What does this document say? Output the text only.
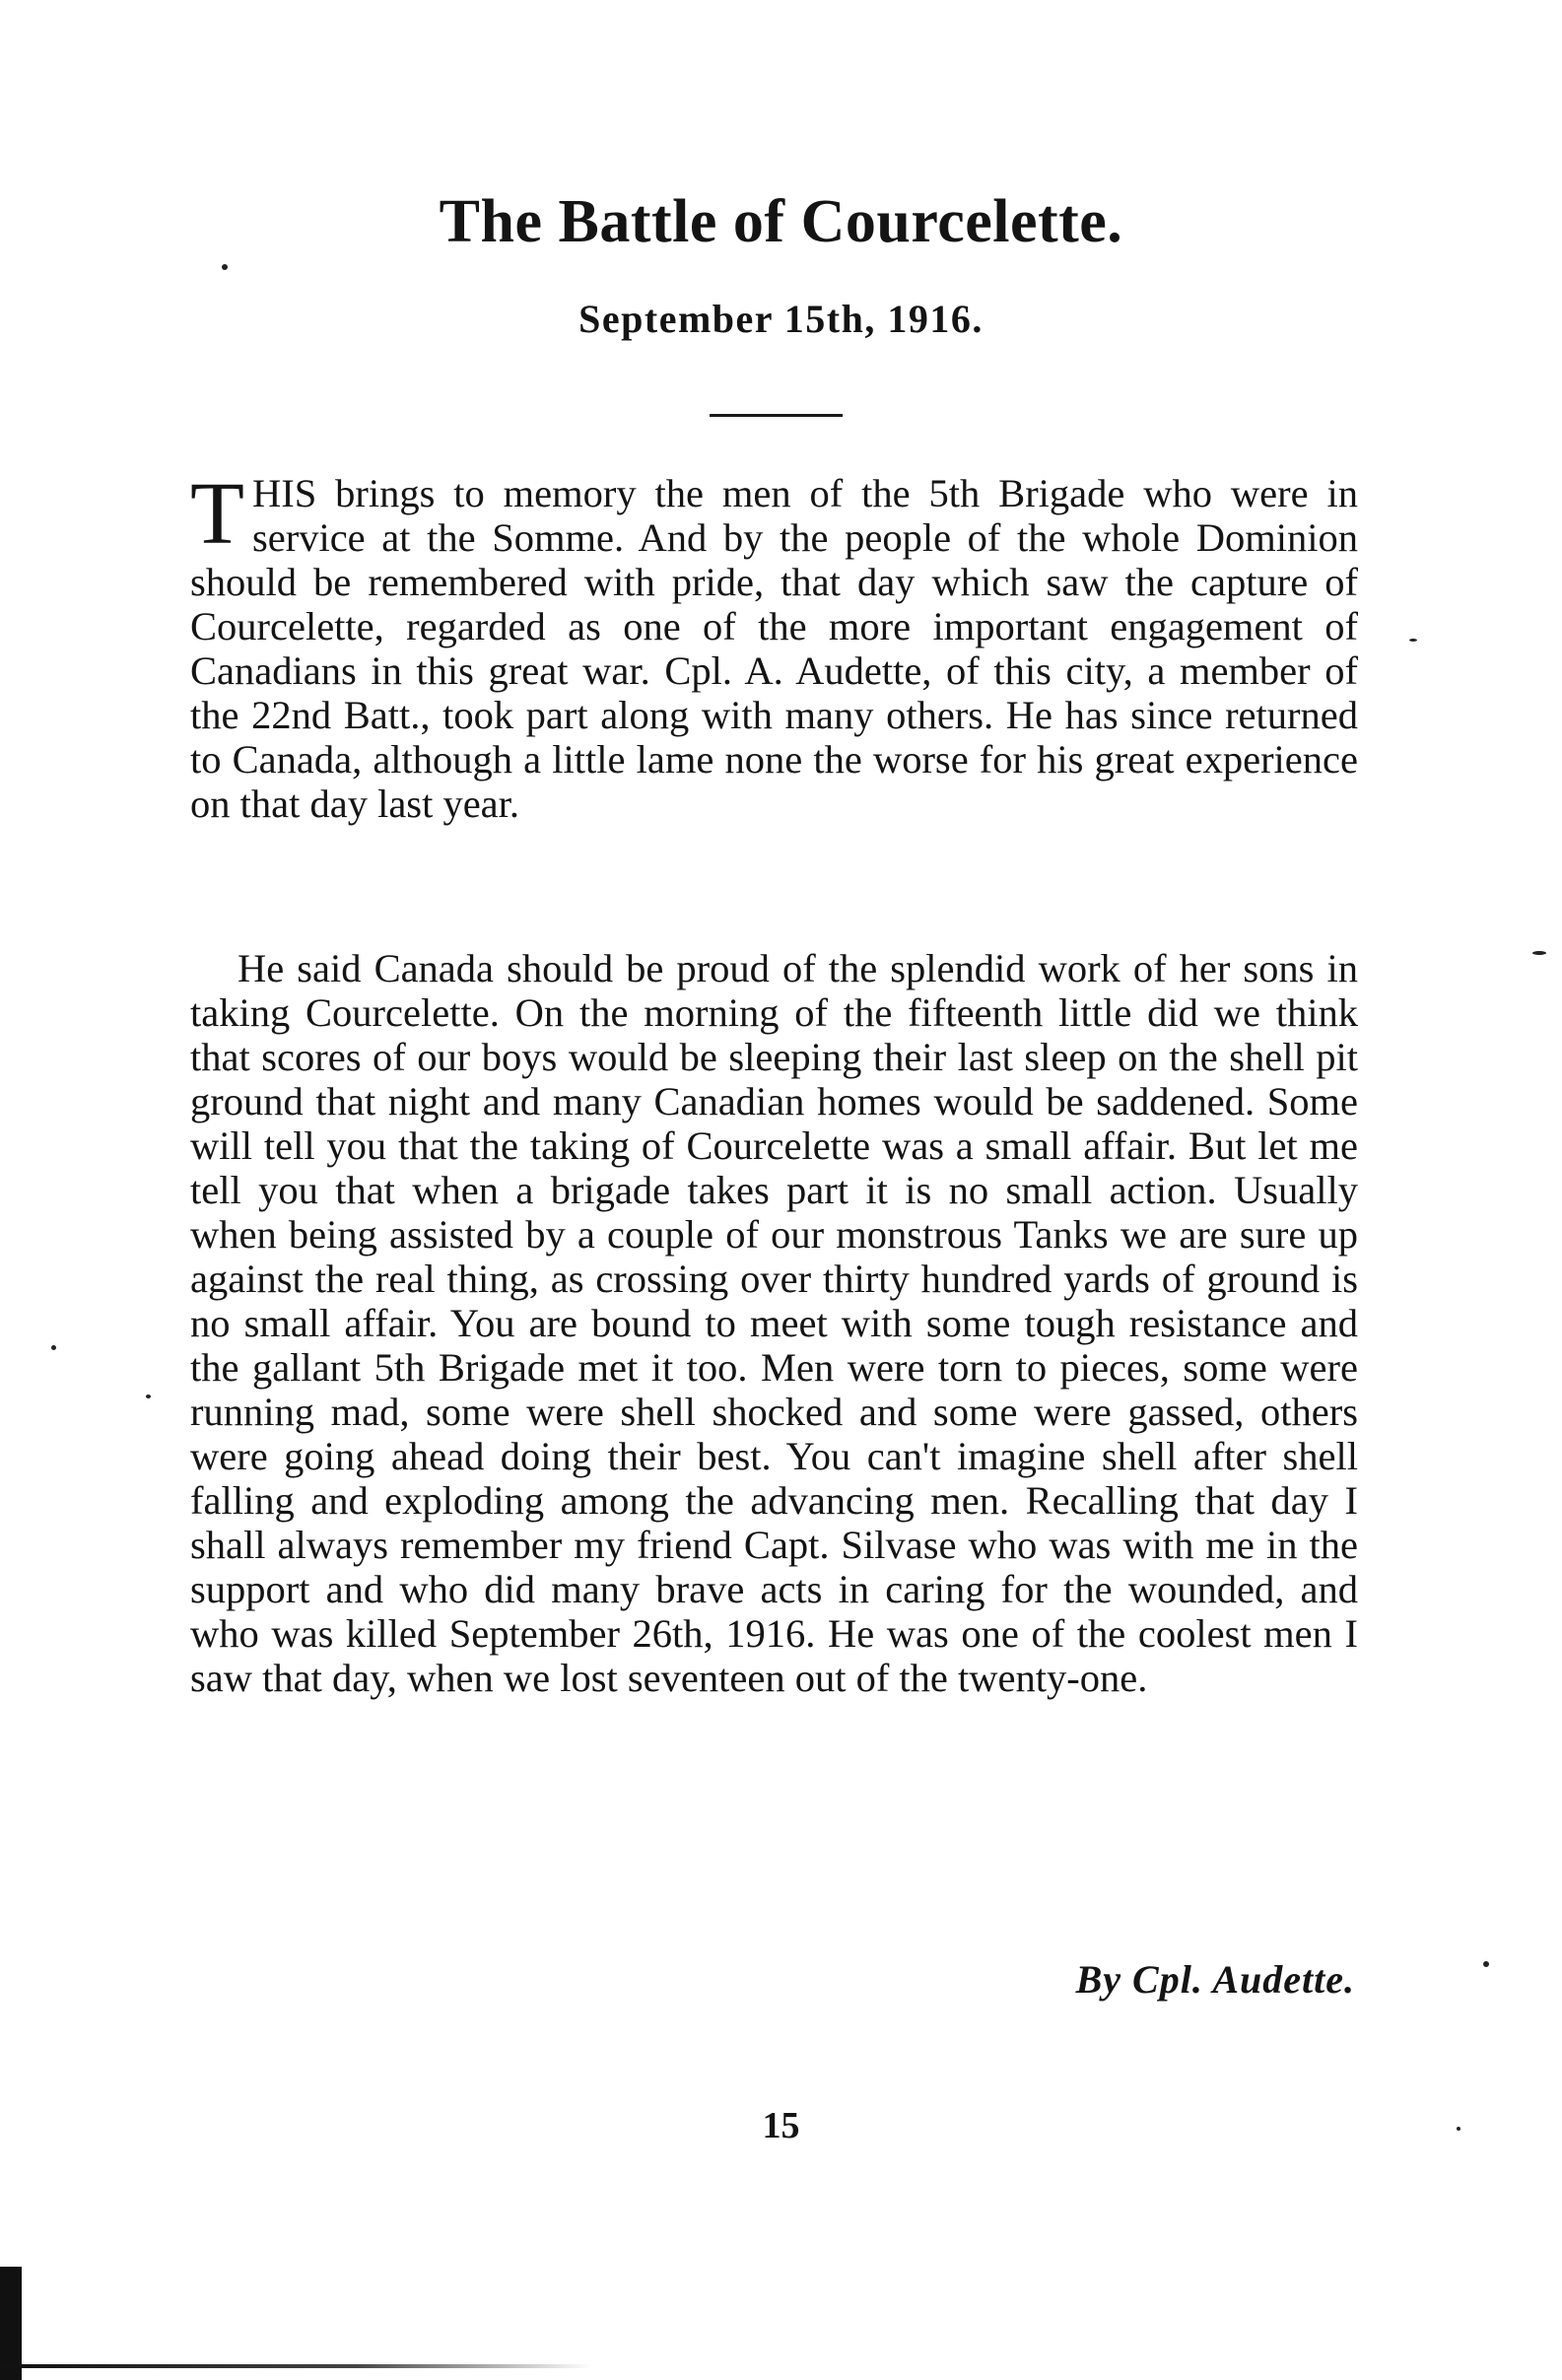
The Battle of Courcelette.
September 15th, 1916.

THIS brings to memory the men of the 5th Brigade who were in service at the Somme. And by the people of the whole Dominion should be remembered with pride, that day which saw the capture of Courcelette, regarded as one of the more important engagement of Canadians in this great war. Cpl. A. Audette, of this city, a member of the 22nd Batt., took part along with many others. He has since returned to Canada, although a little lame none the worse for his great experience on that day last year.

He said Canada should be proud of the splendid work of her sons in taking Courcelette. On the morning of the fifteenth little did we think that scores of our boys would be sleeping their last sleep on the shell pit ground that night and many Canadian homes would be saddened. Some will tell you that the taking of Courcelette was a small affair. But let me tell you that when a brigade takes part it is no small action. Usually when being assisted by a couple of our monstrous Tanks we are sure up against the real thing, as crossing over thirty hundred yards of ground is no small affair. You are bound to meet with some tough resistance and the gallant 5th Brigade met it too. Men were torn to pieces, some were running mad, some were shell shocked and some were gassed, others were going ahead doing their best. You can't imagine shell after shell falling and exploding among the advancing men. Recalling that day I shall always remember my friend Capt. Silvase who was with me in the support and who did many brave acts in caring for the wounded, and who was killed September 26th, 1916. He was one of the coolest men I saw that day, when we lost seventeen out of the twenty-one.

By Cpl. Audette.

15
